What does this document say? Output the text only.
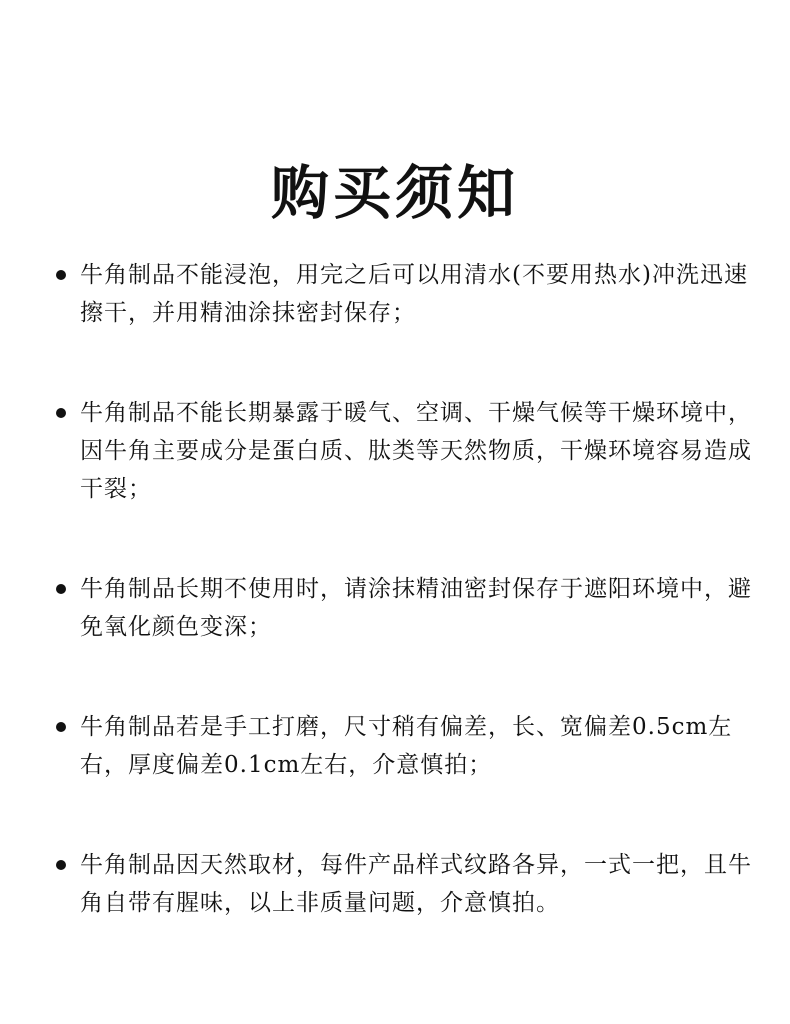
购买须知
牛角制品不能浸泡，用完之后可以用清水(不要用热水)冲洗迅速擦干，并用精油涂抹密封保存；
牛角制品不能长期暴露于暖气、空调、干燥气候等干燥环境中，因牛角主要成分是蛋白质、肽类等天然物质，干燥环境容易造成干裂；
牛角制品长期不使用时，请涂抹精油密封保存于遮阳环境中，避免氧化颜色变深；
牛角制品若是手工打磨，尺寸稍有偏差，长、宽偏差0.5cm左右，厚度偏差0.1cm左右，介意慎拍；
牛角制品因天然取材，每件产品样式纹路各异，一式一把，且牛角自带有腥味，以上非质量问题，介意慎拍。
